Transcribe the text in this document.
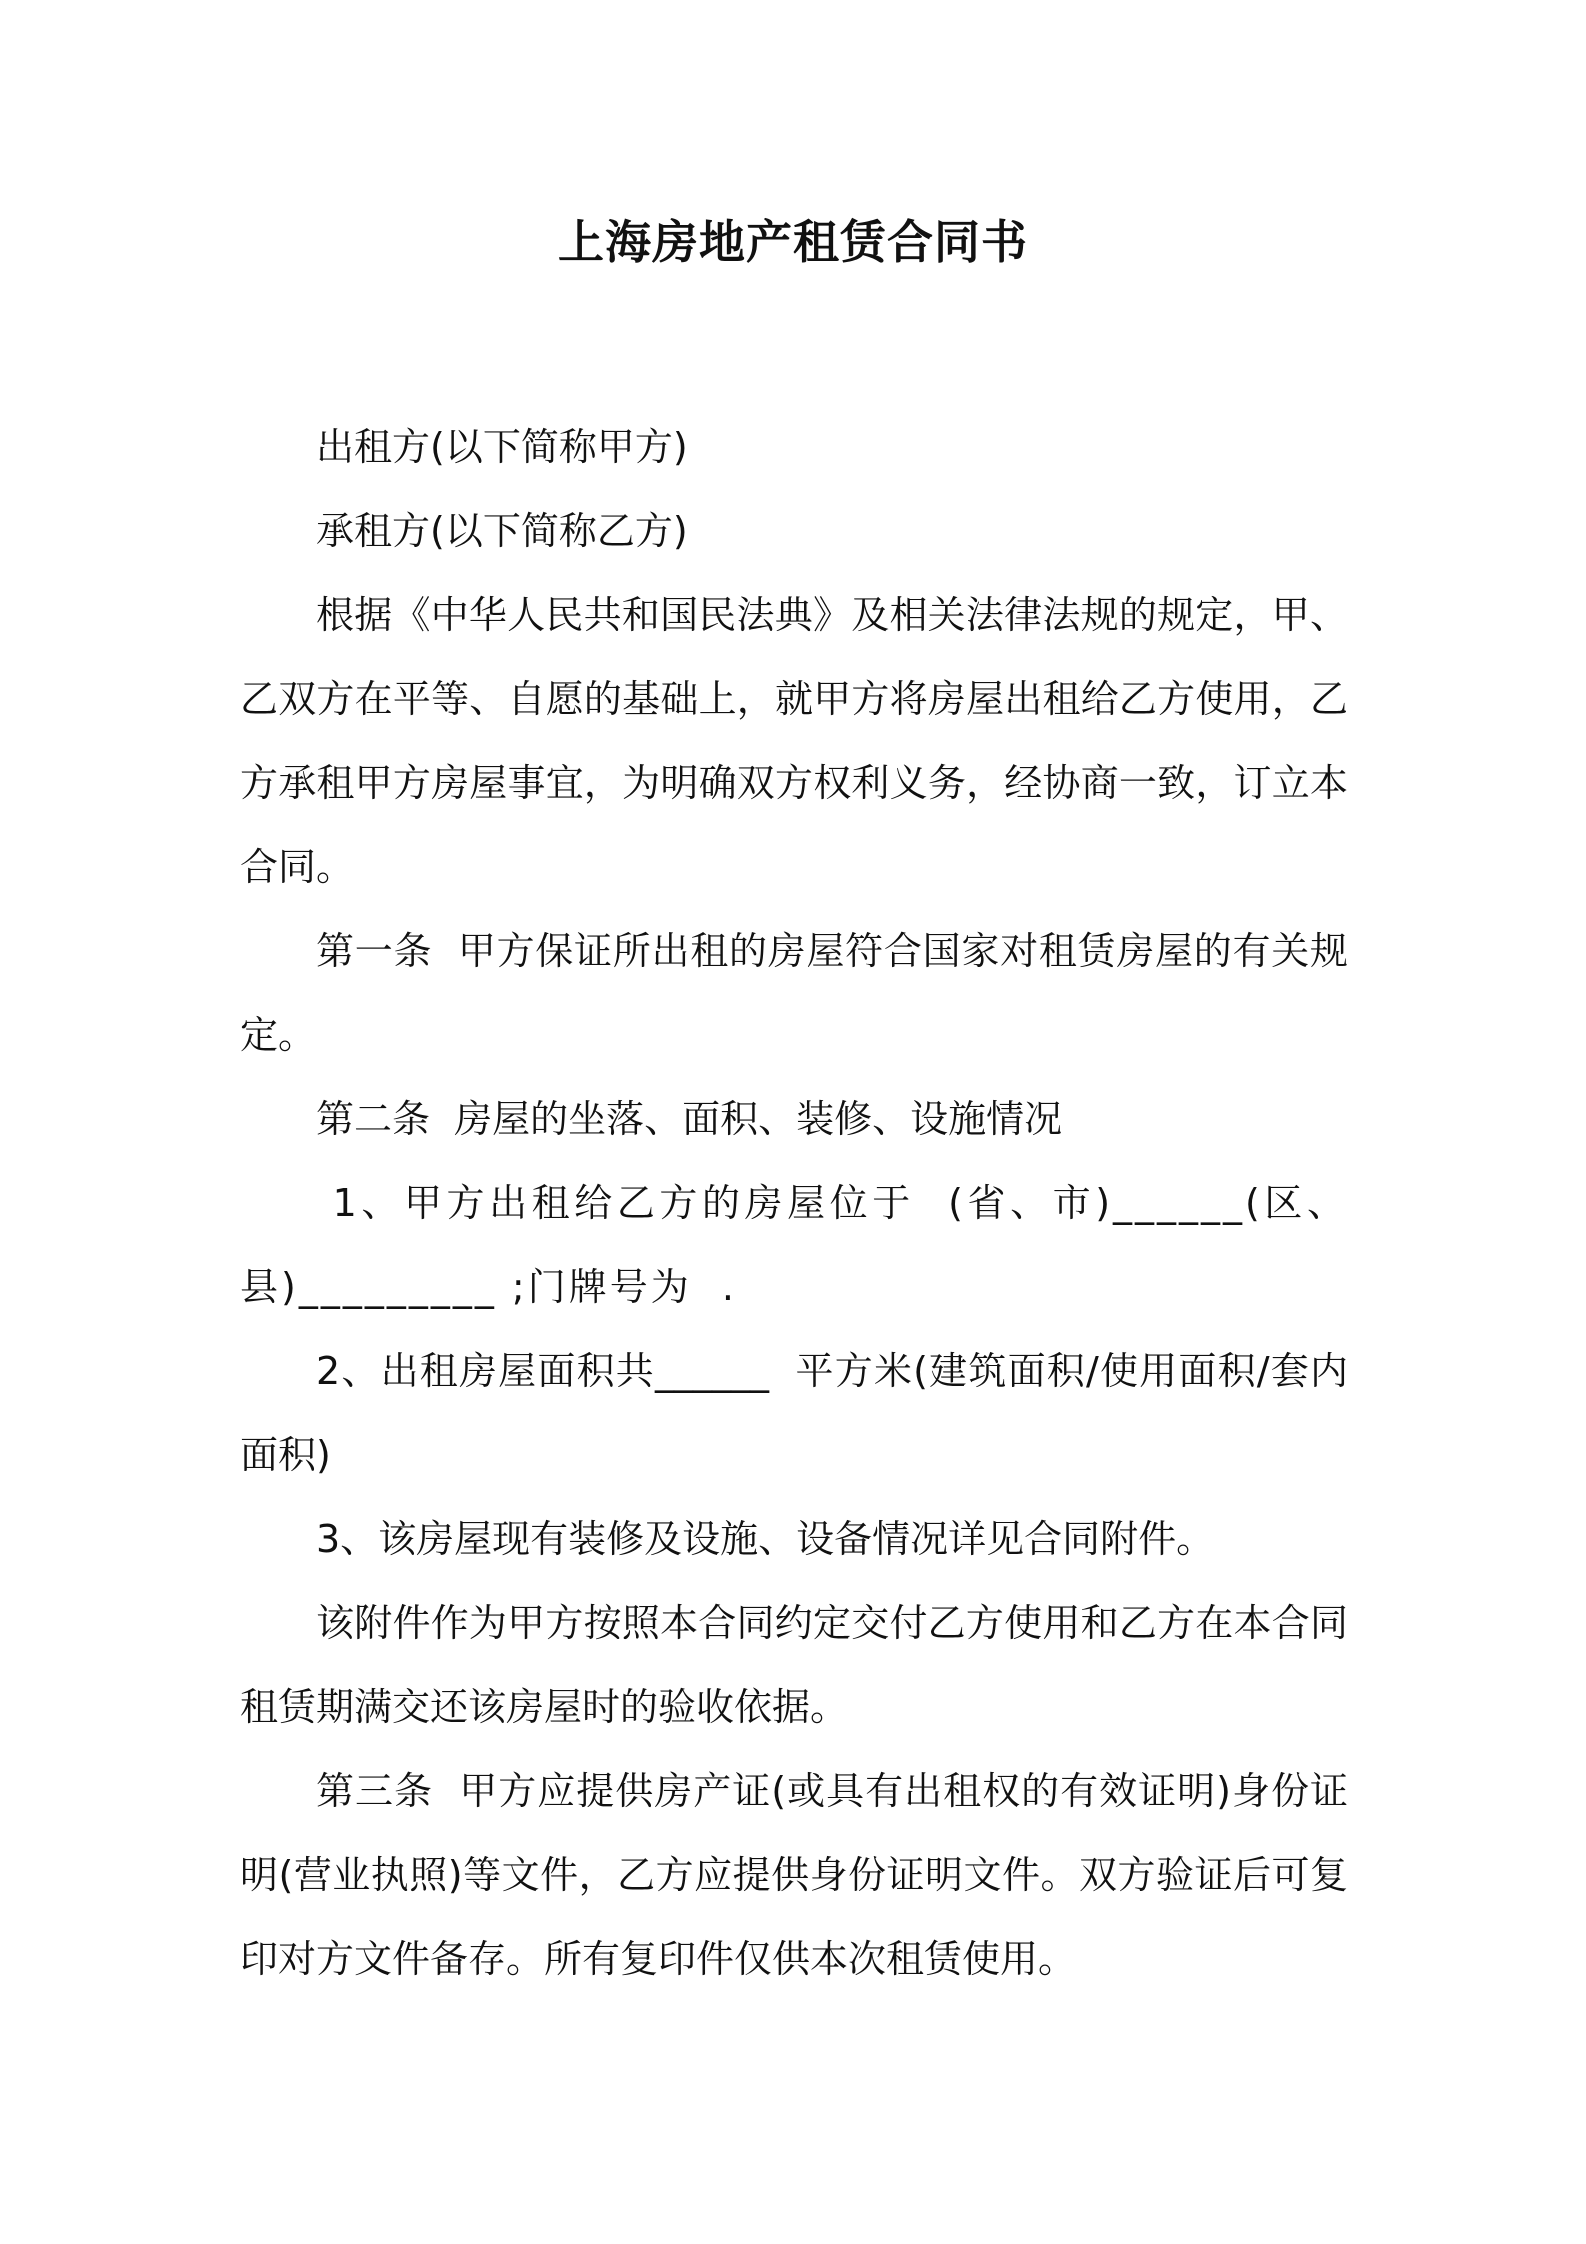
上海房地产租赁合同书

出租方(以下简称甲方)

承租方(以下简称乙方)

根据《中华人民共和国民法典》及相关法律法规的规定，甲、乙双方在平等、自愿的基础上，就甲方将房屋出租给乙方使用，乙方承租甲方房屋事宜，为明确双方权利义务，经协商一致，订立本合同。

第一条  甲方保证所出租的房屋符合国家对租赁房屋的有关规定。

第二条  房屋的坐落、面积、装修、设施情况

1、甲方出租给乙方的房屋位于  (省、市)______(区、县)_________ ;门牌号为  .

2、出租房屋面积共______  平方米(建筑面积/使用面积/套内面积)

3、该房屋现有装修及设施、设备情况详见合同附件。

该附件作为甲方按照本合同约定交付乙方使用和乙方在本合同租赁期满交还该房屋时的验收依据。

第三条  甲方应提供房产证(或具有出租权的有效证明)身份证明(营业执照)等文件，乙方应提供身份证明文件。双方验证后可复印对方文件备存。所有复印件仅供本次租赁使用。
